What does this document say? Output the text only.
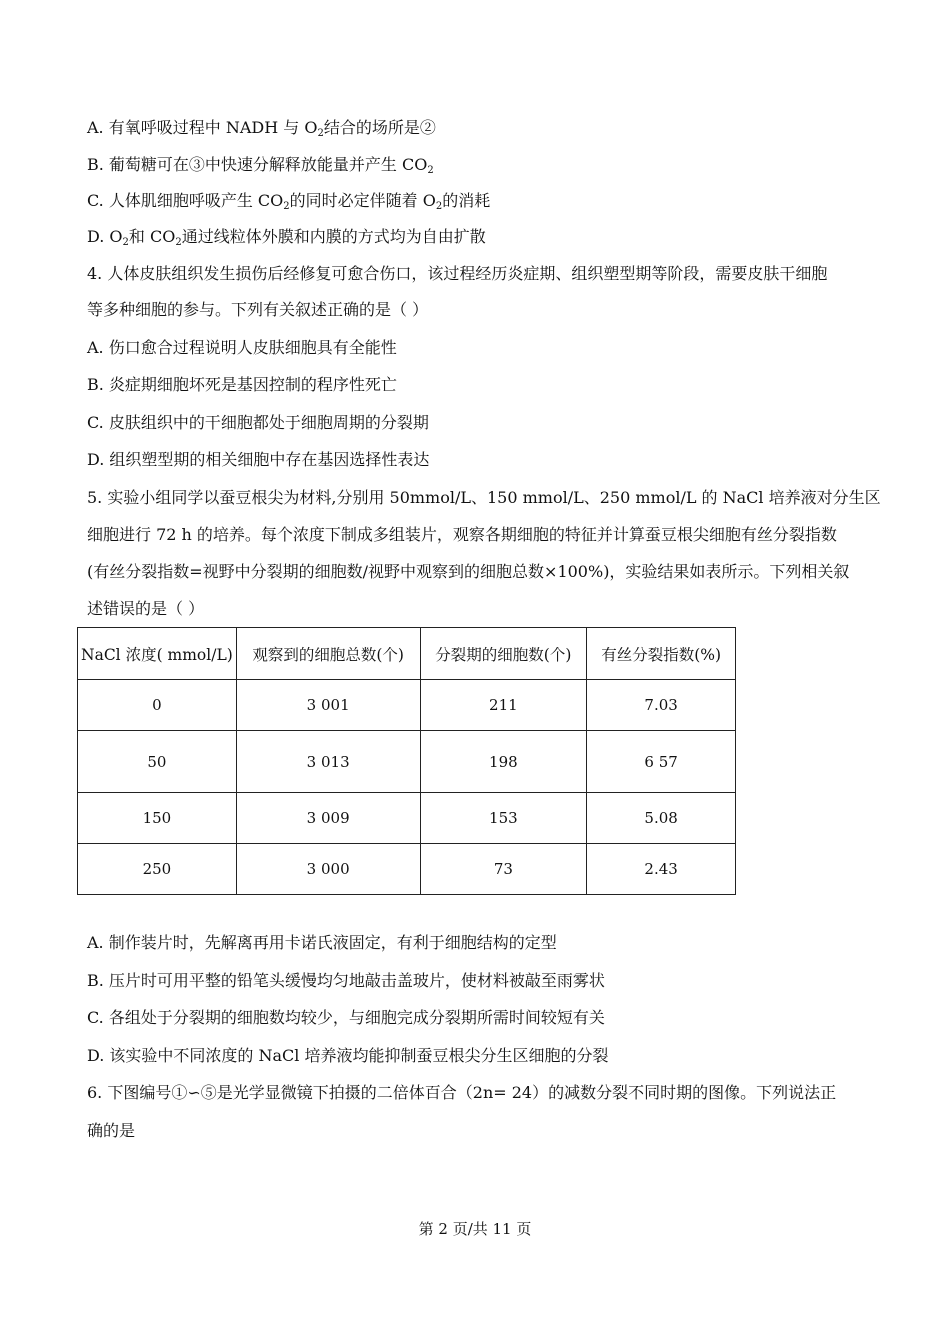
A. 有氧呼吸过程中 NADH 与 $O_2$结合的场所是②
B. 葡萄糖可在③中快速分解释放能量并产生 $CO_2$
C. 人体肌细胞呼吸产生 $CO_2$的同时必定伴随着 $O_2$的消耗
D. $O_2$和 $CO_2$通过线粒体外膜和内膜的方式均为自由扩散
4. 人体皮肤组织发生损伤后经修复可愈合伤口，该过程经历炎症期、组织塑型期等阶段，需要皮肤干细胞
等多种细胞的参与。下列有关叙述正确的是（ ）
A. 伤口愈合过程说明人皮肤细胞具有全能性
B. 炎症期细胞坏死是基因控制的程序性死亡
C. 皮肤组织中的干细胞都处于细胞周期的分裂期
D. 组织塑型期的相关细胞中存在基因选择性表达
5. 实验小组同学以蚕豆根尖为材料,分别用 50mmol/L、150 mmol/L、250 mmol/L 的 NaCl 培养液对分生区
细胞进行 72 h 的培养。每个浓度下制成多组装片，观察各期细胞的特征并计算蚕豆根尖细胞有丝分裂指数
(有丝分裂指数=视野中分裂期的细胞数/视野中观察到的细胞总数×100%)，实验结果如表所示。下列相关叙
述错误的是（ ）
NaCl 浓度( mmol/L)	观察到的细胞总数(个)	分裂期的细胞数(个)	有丝分裂指数(%)
0	3 001	211	7.03
50	3 013	198	6 57
150	3 009	153	5.08
250	3 000	73	2.43
A. 制作装片时，先解离再用卡诺氏液固定，有利于细胞结构的定型
B. 压片时可用平整的铅笔头缓慢均匀地敲击盖玻片，使材料被敲至雨雾状
C. 各组处于分裂期的细胞数均较少，与细胞完成分裂期所需时间较短有关
D. 该实验中不同浓度的 NaCl 培养液均能抑制蚕豆根尖分生区细胞的分裂
6. 下图编号①∽⑤是光学显微镜下拍摄的二倍体百合（2n= 24）的减数分裂不同时期的图像。下列说法正
确的是
第 2 页/共 11 页
